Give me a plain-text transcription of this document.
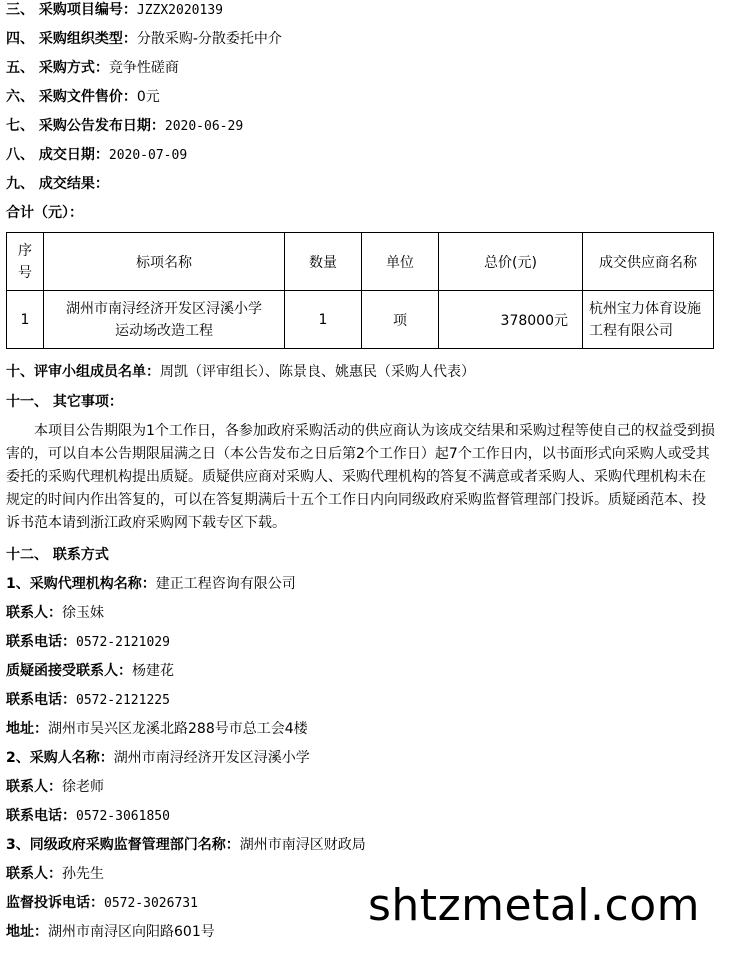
三、 采购项目编号：JZZX2020139
四、 采购组织类型：分散采购-分散委托中介
五、 采购方式：竞争性磋商
六、 采购文件售价：0元
七、 采购公告发布日期：2020-06-29
八、 成交日期：2020-07-09
九、 成交结果：
合计（元）：
序号	标项名称	数量	单位	总价(元)	成交供应商名称
1	湖州市南浔经济开发区浔溪小学运动场改造工程	1	项	378000元	杭州宝力体育设施工程有限公司
十、评审小组成员名单：周凯（评审组长）、陈景良、姚惠民（采购人代表）
十一、 其它事项：

本项目公告期限为1个工作日，各参加政府采购活动的供应商认为该成交结果和采购过程等使自己的权益受到损害的，可以自本公告期限届满之日（本公告发布之日后第2个工作日）起7个工作日内，以书面形式向采购人或受其委托的采购代理机构提出质疑。质疑供应商对采购人、采购代理机构的答复不满意或者采购人、采购代理机构未在规定的时间内作出答复的，可以在答复期满后十五个工作日内向同级政府采购监督管理部门投诉。质疑函范本、投诉书范本请到浙江政府采购网下载专区下载。

十二、 联系方式
1、采购代理机构名称：建正工程咨询有限公司
联系人：徐玉妹
联系电话：0572-2121029
质疑函接受联系人：杨建花
联系电话：0572-2121225
地址：湖州市吴兴区龙溪北路288号市总工会4楼
2、采购人名称：湖州市南浔经济开发区浔溪小学
联系人：徐老师
联系电话：0572-3061850
3、同级政府采购监督管理部门名称：湖州市南浔区财政局
联系人：孙先生
监督投诉电话：0572-3026731
地址：湖州市南浔区向阳路601号
shtzmetal.com
